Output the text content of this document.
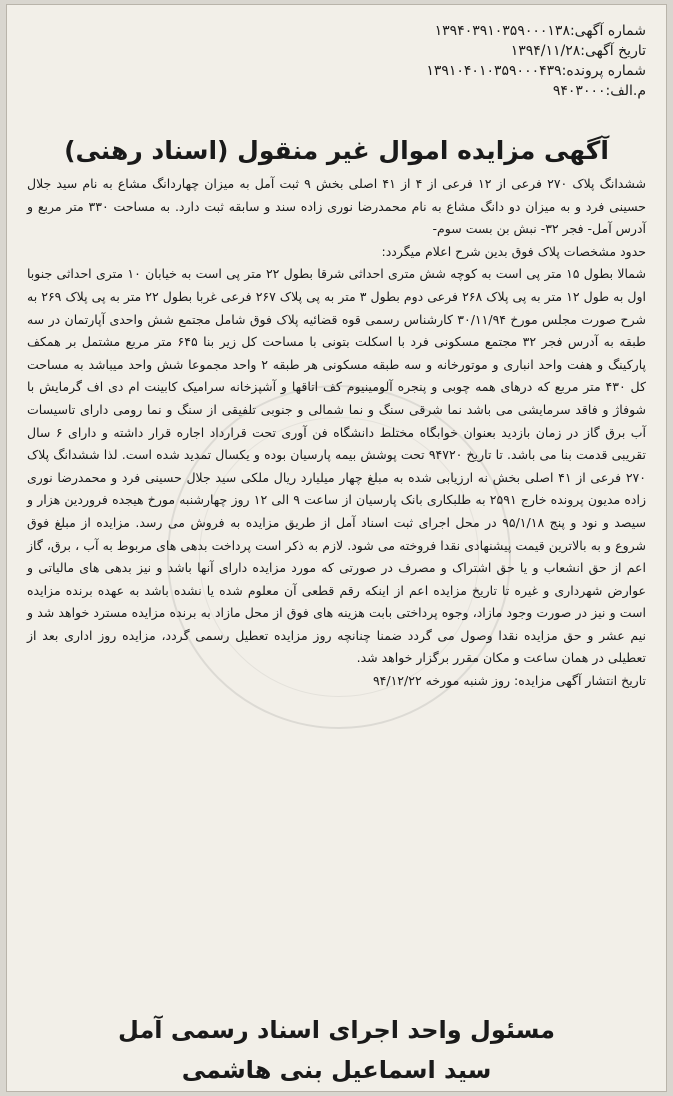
شماره آگهی:۱۳۹۴۰۳۹۱۰۳۵۹۰۰۰۱۳۸
تاریخ آگهی:۱۳۹۴/۱۱/۲۸
شماره پرونده:۱۳۹۱۰۴۰۱۰۳۵۹۰۰۰۴۳۹
م.الف:۹۴۰۳۰۰۰
آگهی مزایده اموال غیر منقول (اسناد رهنی)

ششدانگ پلاک ۲۷۰ فرعی از ۱۲ فرعی از ۴ از ۴۱ اصلی بخش ۹ ثبت آمل به میزان چهاردانگ مشاع به نام سید جلال حسینی فرد و به میزان دو دانگ مشاع به نام محمدرضا نوری زاده سند و سابقه ثبت دارد. به مساحت ۳۳۰ متر مربع و آدرس آمل- فجر ۳۲- نبش بن بست سوم-

حدود مشخصات پلاک فوق بدین شرح اعلام میگردد:

شمالا بطول ۱۵ متر پی است به کوچه شش متری احداثی شرقا بطول ۲۲ متر پی است به خیابان ۱۰ متری احداثی جنوبا اول به طول ۱۲ متر به پی پلاک ۲۶۸ فرعی دوم بطول ۳ متر به پی پلاک ۲۶۷ فرعی غربا بطول ۲۲ متر به پی پلاک ۲۶۹ به شرح صورت مجلس مورخ ۳۰/۱۱/۹۴ کارشناس رسمی قوه قضائیه پلاک فوق شامل مجتمع شش واحدی آپارتمان در سه طبقه به آدرس فجر ۳۲ مجتمع مسکونی فرد با اسکلت بتونی با مساحت کل زیر بنا ۶۴۵ متر مربع مشتمل بر همکف پارکینگ و هفت واحد انباری و موتورخانه و سه طبقه مسکونی هر طبقه ۲ واحد مجموعا شش واحد میباشد به مساحت کل ۴۳۰ متر مربع که درهای همه چوبی و پنجره آلومینیوم کف اتاقها و آشپزخانه سرامیک کابینت ام دی اف گرمایش با شوفاژ و فاقد سرمایشی می باشد نما شرقی سنگ و نما شمالی و جنوبی تلفیقی از سنگ و نما رومی دارای تاسیسات آب برق گاز در زمان بازدید بعنوان خوابگاه مختلط دانشگاه فن آوری تحت قرارداد اجاره قرار داشته و دارای ۶ سال تقریبی قدمت بنا می باشد. تا تاریخ ۹۴۷۲۰ تحت پوشش بیمه پارسیان بوده و یکسال تمدید شده است. لذا ششدانگ پلاک ۲۷۰ فرعی از ۴۱ اصلی بخش نه ارزیابی شده به مبلغ چهار میلیارد ریال ملکی سید جلال حسینی فرد و محمدرضا نوری زاده مدیون پرونده خارج ۲۵۹۱ به طلبکاری بانک پارسیان از ساعت ۹ الی ۱۲ روز چهارشنبه مورخ هیجده فروردین هزار و سیصد و نود و پنج ۹۵/۱/۱۸ در محل اجرای ثبت اسناد آمل از طریق مزایده به فروش می رسد. مزایده از مبلغ فوق شروع و به بالاترین قیمت پیشنهادی نقدا فروخته می شود. لازم به ذکر است پرداخت بدهی های مربوط به آب ، برق، گاز اعم از حق انشعاب و یا حق اشتراک و مصرف در صورتی که مورد مزایده دارای آنها باشد و نیز بدهی های مالیاتی و عوارض شهرداری و غیره تا تاریخ مزایده اعم از اینکه رقم قطعی آن معلوم شده یا نشده باشد به عهده برنده مزایده است و نیز در صورت وجود مازاد، وجوه پرداختی بابت هزینه های فوق از محل مازاد به برنده مزایده مسترد خواهد شد و نیم عشر و حق مزایده نقدا وصول می گردد ضمنا چنانچه روز مزایده تعطیل رسمی گردد، مزایده روز اداری بعد از تعطیلی در همان ساعت و مکان مقرر برگزار خواهد شد.

تاریخ انتشار آگهی مزایده: روز شنبه مورخه ۹۴/۱۲/۲۲

مسئول واحد اجرای اسناد رسمی آمل
سید اسماعیل بنی هاشمی
